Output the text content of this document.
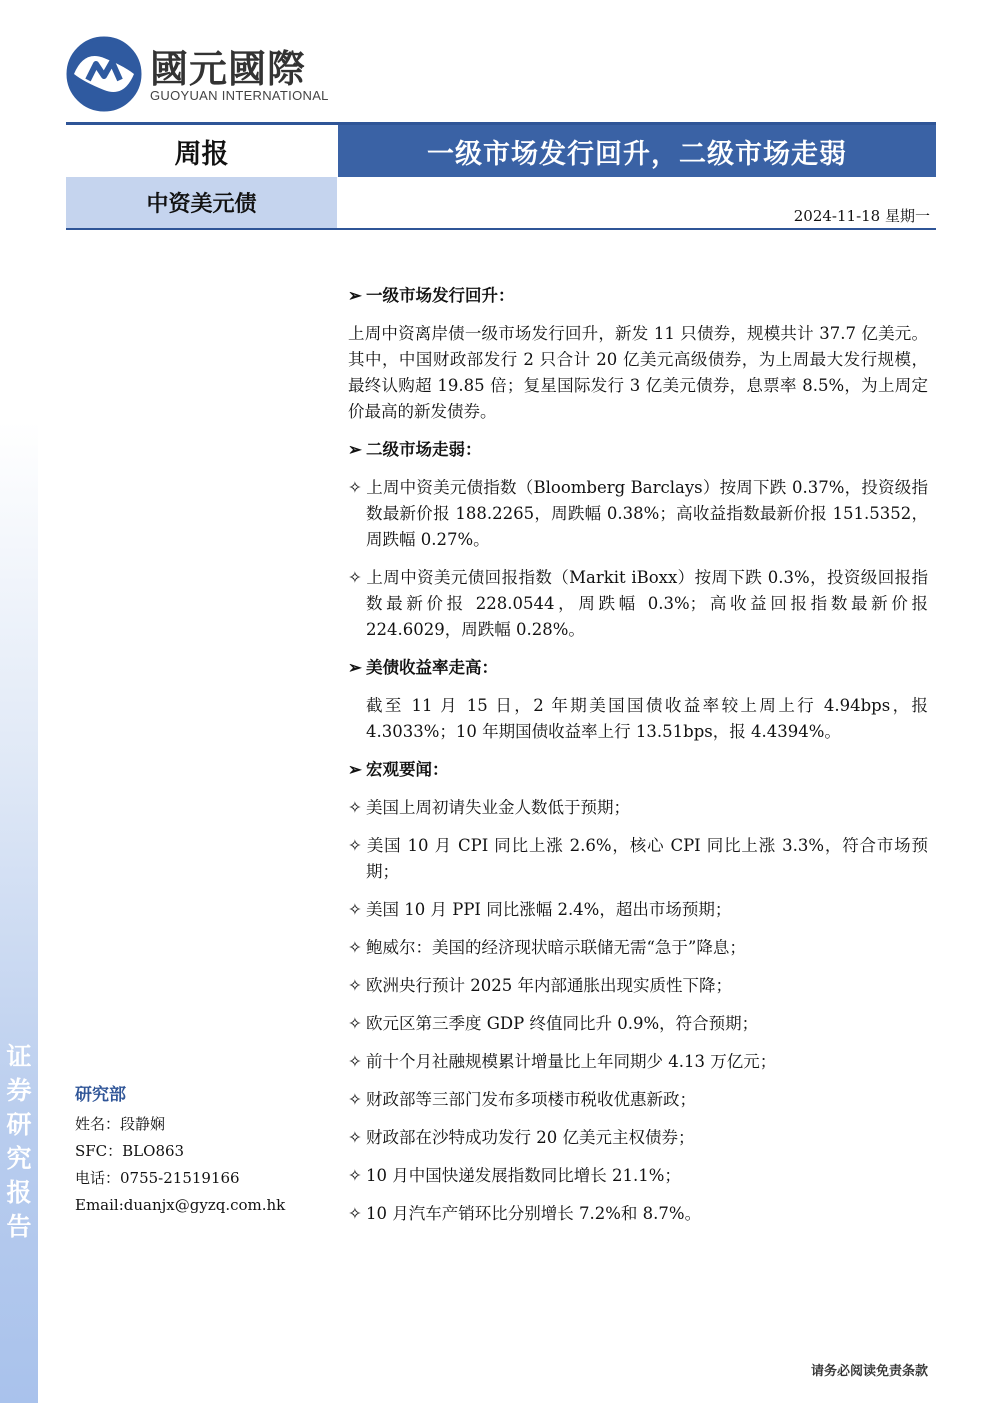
证
券
研
究
报
告
國元國際
GUOYUAN INTERNATIONAL
周报	一级市场发行回升，二级市场走弱
中资美元债	2024-11-18 星期一

➢ 一级市场发行回升：

上周中资离岸债一级市场发行回升，新发 11 只债券，规模共计 37.7 亿美元。其中，中国财政部发行 2 只合计 20 亿美元高级债券，为上周最大发行规模，最终认购超 19.85 倍；复星国际发行 3 亿美元债券，息票率 8.5%，为上周定价最高的新发债券。

➢ 二级市场走弱：

✧ 上周中资美元债指数（Bloomberg Barclays）按周下跌 0.37%，投资级指数最新价报 188.2265，周跌幅 0.38%；高收益指数最新价报 151.5352，周跌幅 0.27%。

✧ 上周中资美元债回报指数（Markit iBoxx）按周下跌 0.3%，投资级回报指数最新价报 228.0544，周跌幅 0.3%；高收益回报指数最新价报 224.6029，周跌幅 0.28%。

➢ 美债收益率走高：

截至 11 月 15 日，2 年期美国国债收益率较上周上行 4.94bps，报 4.3033%；10 年期国债收益率上行 13.51bps，报 4.4394%。

➢ 宏观要闻：

✧ 美国上周初请失业金人数低于预期；

✧ 美国 10 月 CPI 同比上涨 2.6%，核心 CPI 同比上涨 3.3%，符合市场预期；

✧ 美国 10 月 PPI 同比涨幅 2.4%，超出市场预期；

✧ 鲍威尔：美国的经济现状暗示联储无需“急于”降息；

✧ 欧洲央行预计 2025 年内部通胀出现实质性下降；

✧ 欧元区第三季度 GDP 终值同比升 0.9%，符合预期；

✧ 前十个月社融规模累计增量比上年同期少 4.13 万亿元；

✧ 财政部等三部门发布多项楼市税收优惠新政；

✧ 财政部在沙特成功发行 20 亿美元主权债券；

✧ 10 月中国快递发展指数同比增长 21.1%；

✧ 10 月汽车产销环比分别增长 7.2%和 8.7%。

研究部
姓名：段静娴
SFC：BLO863
电话：0755-21519166
Email:duanjx@gyzq.com.hk
请务必阅读免责条款
